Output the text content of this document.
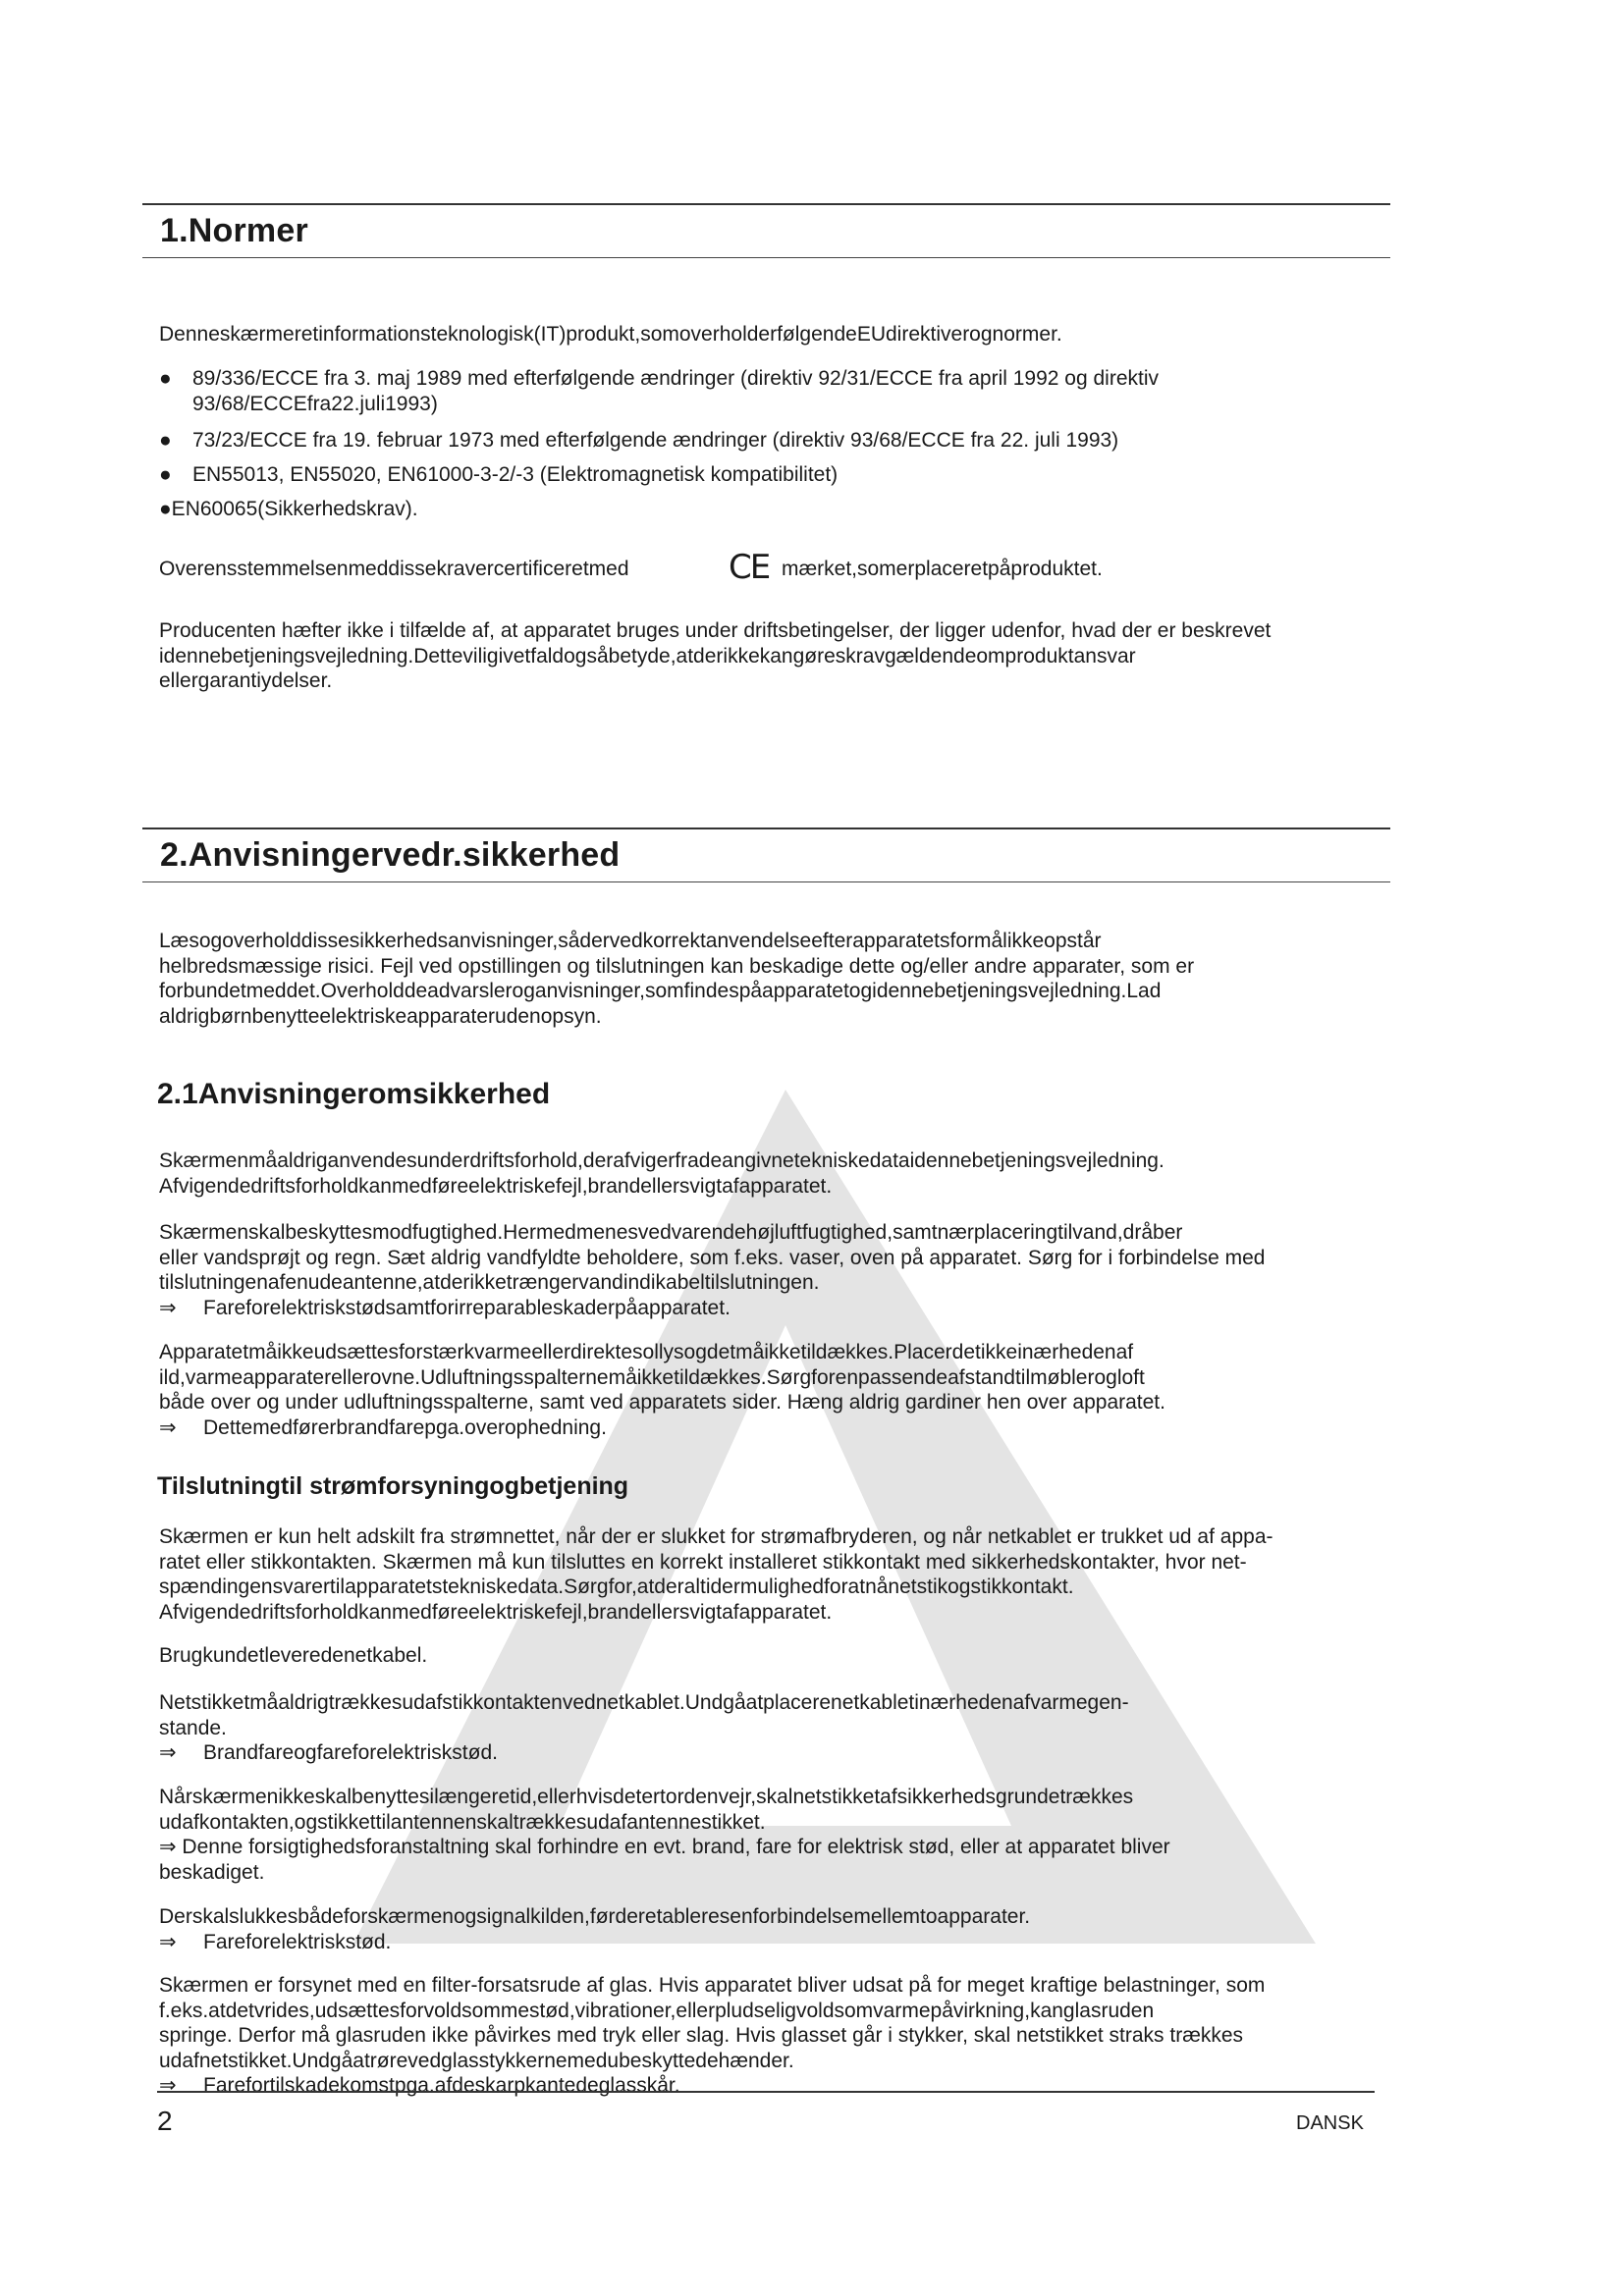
1.Normer
Denneskærmeretinformationsteknologisk(IT)produkt,somoverholderfølgendeEUdirektiverognormer.
●	89/336/ECCE fra 3. maj 1989 med efterfølgende ændringer (direktiv 92/31/ECCE fra april 1992 og direktiv
93/68/ECCEfra22.juli1993)
●	73/23/ECCE fra 19. februar 1973 med efterfølgende ændringer (direktiv 93/68/ECCE fra 22. juli 1993)
●	EN55013, EN55020, EN61000-3-2/-3 (Elektromagnetisk kompatibilitet)
●EN60065(Sikkerhedskrav).
Overensstemmelsenmeddissekravercertificeretmed	CE mærket,somerplaceretpåproduktet.
Producenten hæfter ikke i tilfælde af, at apparatet bruges under driftsbetingelser, der ligger udenfor, hvad der er beskrevet
idennebetjeningsvejledning.Detteviligivetfaldogsåbetyde,atderikkekangøreskravgældendeomproduktansvar
ellergarantiydelser.
2.Anvisningervedr.sikkerhed
Læsogoverholddissesikkerhedsanvisninger,sådervedkorrektanvendelseefterapparatetsformålikkeopstår
helbredsmæssige risici. Fejl ved opstillingen og tilslutningen kan beskadige dette og/eller andre apparater, som er
forbundetmeddet.Overholddeadvarsleroganvisninger,somfindespåapparatetogidennebetjeningsvejledning.Lad
aldrigbørnbenytteelektriskeapparaterudenopsyn.
2.1Anvisningeromsikkerhed
Skærmenmåaldriganvendesunderdriftsforhold,derafvigerfradeangivnetekniskedataidennebetjeningsvejledning.
Afvigendedriftsforholdkanmedføreelektriskefejl,brandellersvigtafapparatet.
Skærmenskalbeskyttesmodfugtighed.Hermedmenesvedvarendehøjluftfugtighed,samtnærplaceringtilvand,dråber
eller vandsprøjt og regn. Sæt aldrig vandfyldte beholdere, som f.eks. vaser, oven på apparatet. Sørg for i forbindelse med
tilslutningenafenudeantenne,atderikketrængervandindikabeltilslutningen.
⇒ Fareforelektriskstødsamtforirreparableskaderpåapparatet.
Apparatetmåikkeudsættesforstærkvarmeellerdirektesollysogdetmåikketildækkes.Placerdetikkeinærhedenaf
ild,varmeapparaterellerovne.Udluftningsspalternemåikketildækkes.Sørgforenpassendeafstandtilmøblerogloft
både over og under udluftningsspalterne, samt ved apparatets sider. Hæng aldrig gardiner hen over apparatet.
⇒ Dettemedførerbrandfarepga.overophedning.
Tilslutningtil strømforsyningogbetjening
Skærmen er kun helt adskilt fra strømnettet, når der er slukket for strømafbryderen, og når netkablet er trukket ud af appa-
ratet eller stikkontakten. Skærmen må kun tilsluttes en korrekt installeret stikkontakt med sikkerhedskontakter, hvor net-
spændingensvarertilapparatetstekniskedata.Sørgfor,atderaltidermulighedforatnånetstikogstikkontakt.
Afvigendedriftsforholdkanmedføreelektriskefejl,brandellersvigtafapparatet.
Brugkundetleveredenetkabel.
Netstikketmåaldrigtrækkesudafstikkontaktenvednetkablet.Undgåatplacerenetkabletinærhedenafvarmegen-
stande.
⇒ Brandfareogfareforelektriskstød.
Nårskærmenikkeskalbenyttesilængeretid,ellerhvisdetertordenvejr,skalnetstikketafsikkerhedsgrundetrækkes
udafkontakten,ogstikkettilantennenskaltrækkesudafantennestikket.
⇒ Denne forsigtighedsforanstaltning skal forhindre en evt. brand, fare for elektrisk stød, eller at apparatet bliver
beskadiget.
Derskalslukkesbådeforskærmenogsignalkilden,førderetableresenforbindelsemellemtoapparater.
⇒ Fareforelektriskstød.
Skærmen er forsynet med en filter-forsatsrude af glas. Hvis apparatet bliver udsat på for meget kraftige belastninger, som
f.eks.atdetvrides,udsættesforvoldsommestød,vibrationer,ellerpludseligvoldsomvarmepåvirkning,kanglasruden
springe. Derfor må glasruden ikke påvirkes med tryk eller slag. Hvis glasset går i stykker, skal netstikket straks trækkes
udafnetstikket.Undgåatrørevedglasstykkernemedubeskyttedehænder.
⇒ Farefortilskadekomstpga.afdeskarpkantedeglasskår.
2	DANSK
